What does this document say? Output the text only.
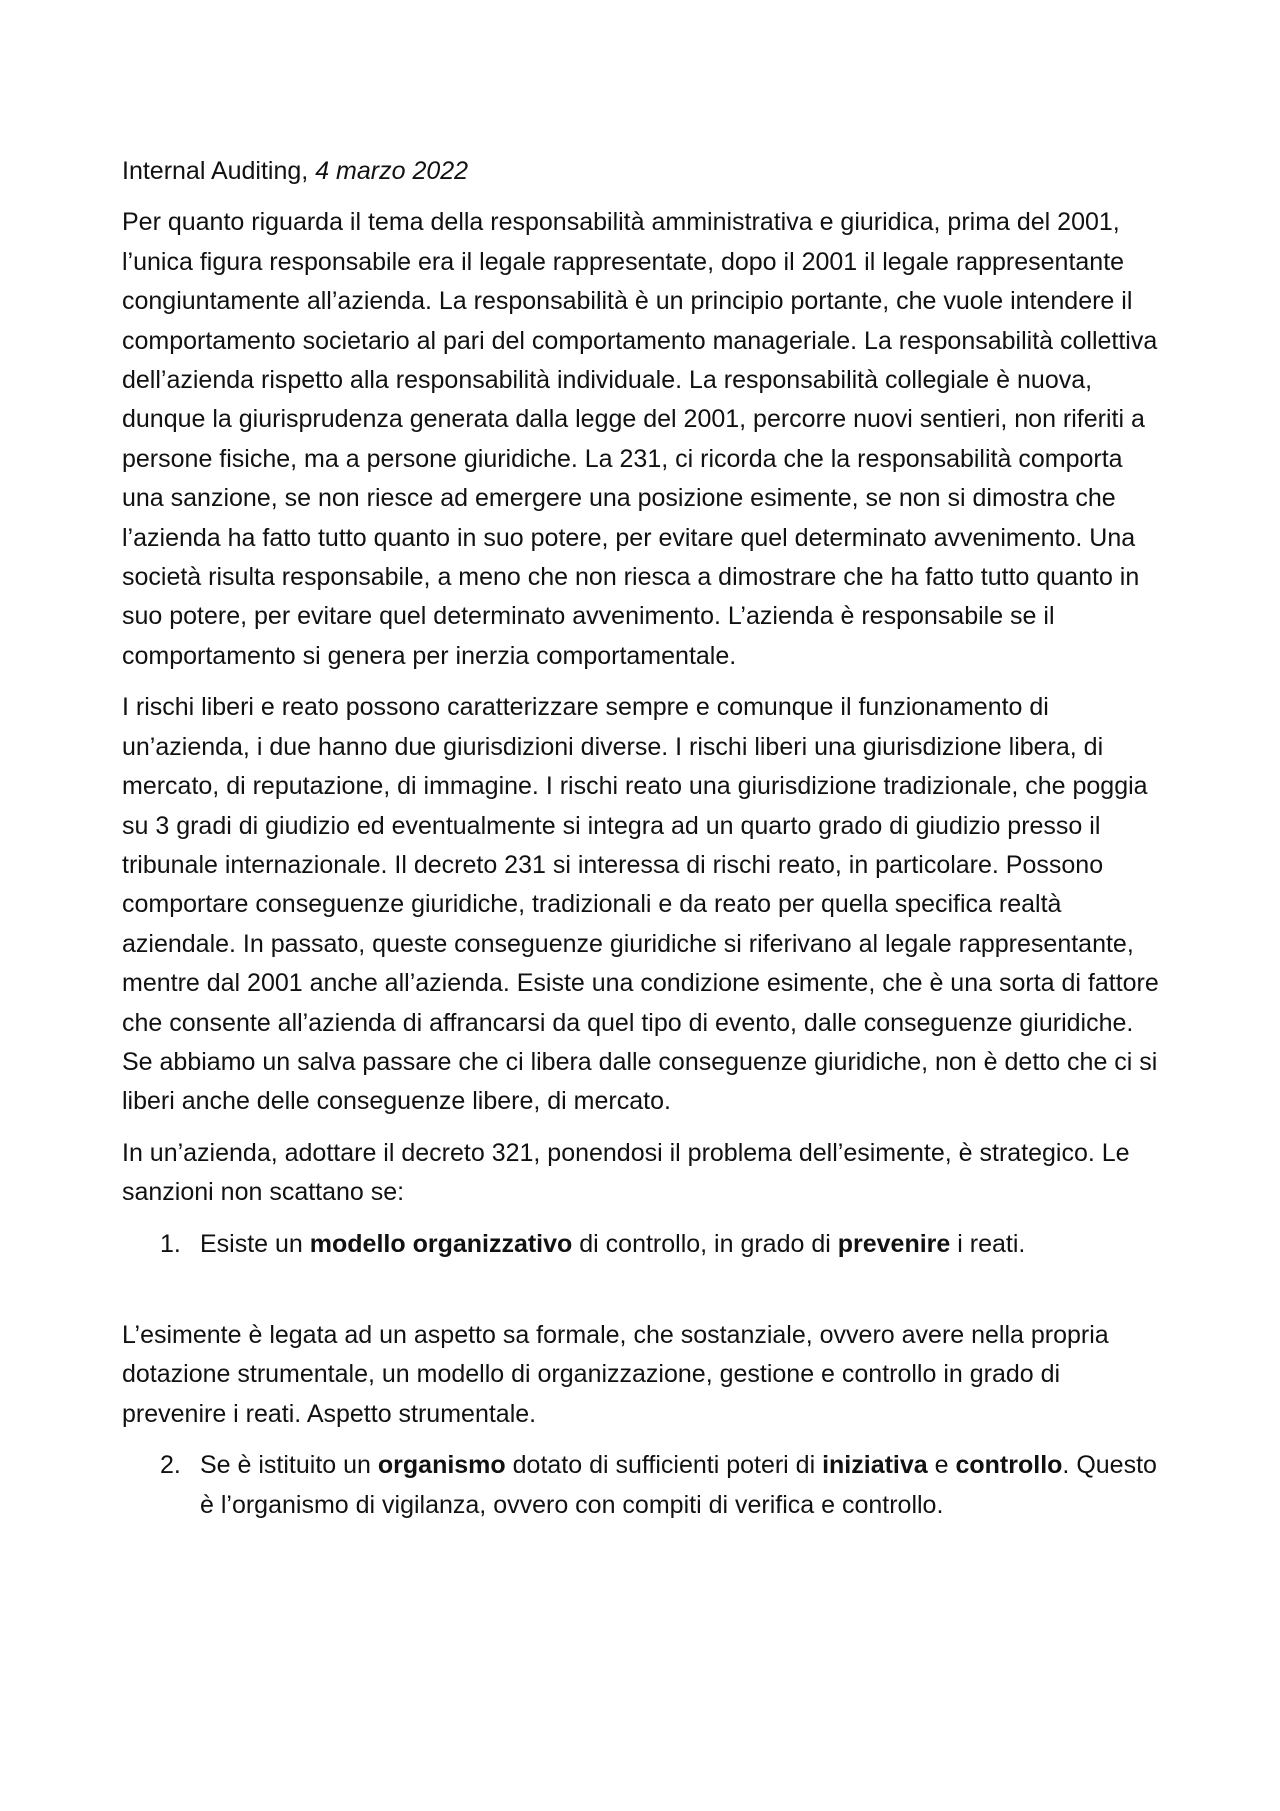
Internal Auditing, 4 marzo 2022

Per quanto riguarda il tema della responsabilità amministrativa e giuridica, prima del 2001, l’unica figura responsabile era il legale rappresentate, dopo il 2001 il legale rappresentante congiuntamente all’azienda. La responsabilità è un principio portante, che vuole intendere il comportamento societario al pari del comportamento manageriale. La responsabilità collettiva dell’azienda rispetto alla responsabilità individuale. La responsabilità collegiale è nuova, dunque la giurisprudenza generata dalla legge del 2001, percorre nuovi sentieri, non riferiti a persone fisiche, ma a persone giuridiche. La 231, ci ricorda che la responsabilità comporta una sanzione, se non riesce ad emergere una posizione esimente, se non si dimostra che l’azienda ha fatto tutto quanto in suo potere, per evitare quel determinato avvenimento. Una società risulta responsabile, a meno che non riesca a dimostrare che ha fatto tutto quanto in suo potere, per evitare quel determinato avvenimento. L’azienda è responsabile se il comportamento si genera per inerzia comportamentale.

I rischi liberi e reato possono caratterizzare sempre e comunque il funzionamento di un’azienda, i due hanno due giurisdizioni diverse. I rischi liberi una giurisdizione libera, di mercato, di reputazione, di immagine. I rischi reato una giurisdizione tradizionale, che poggia su 3 gradi di giudizio ed eventualmente si integra ad un quarto grado di giudizio presso il tribunale internazionale. Il decreto 231 si interessa di rischi reato, in particolare. Possono comportare conseguenze giuridiche, tradizionali e da reato per quella specifica realtà aziendale. In passato, queste conseguenze giuridiche si riferivano al legale rappresentante, mentre dal 2001 anche all’azienda. Esiste una condizione esimente, che è una sorta di fattore che consente all’azienda di affrancarsi da quel tipo di evento, dalle conseguenze giuridiche. Se abbiamo un salva passare che ci libera dalle conseguenze giuridiche, non è detto che ci si liberi anche delle conseguenze libere, di mercato.

In un’azienda, adottare il decreto 321, ponendosi il problema dell’esimente, è strategico. Le sanzioni non scattano se:

1. Esiste un modello organizzativo di controllo, in grado di prevenire i reati.

L’esimente è legata ad un aspetto sa formale, che sostanziale, ovvero avere nella propria dotazione strumentale, un modello di organizzazione, gestione e controllo in grado di prevenire i reati. Aspetto strumentale.

2. Se è istituito un organismo dotato di sufficienti poteri di iniziativa e controllo. Questo è l’organismo di vigilanza, ovvero con compiti di verifica e controllo.
